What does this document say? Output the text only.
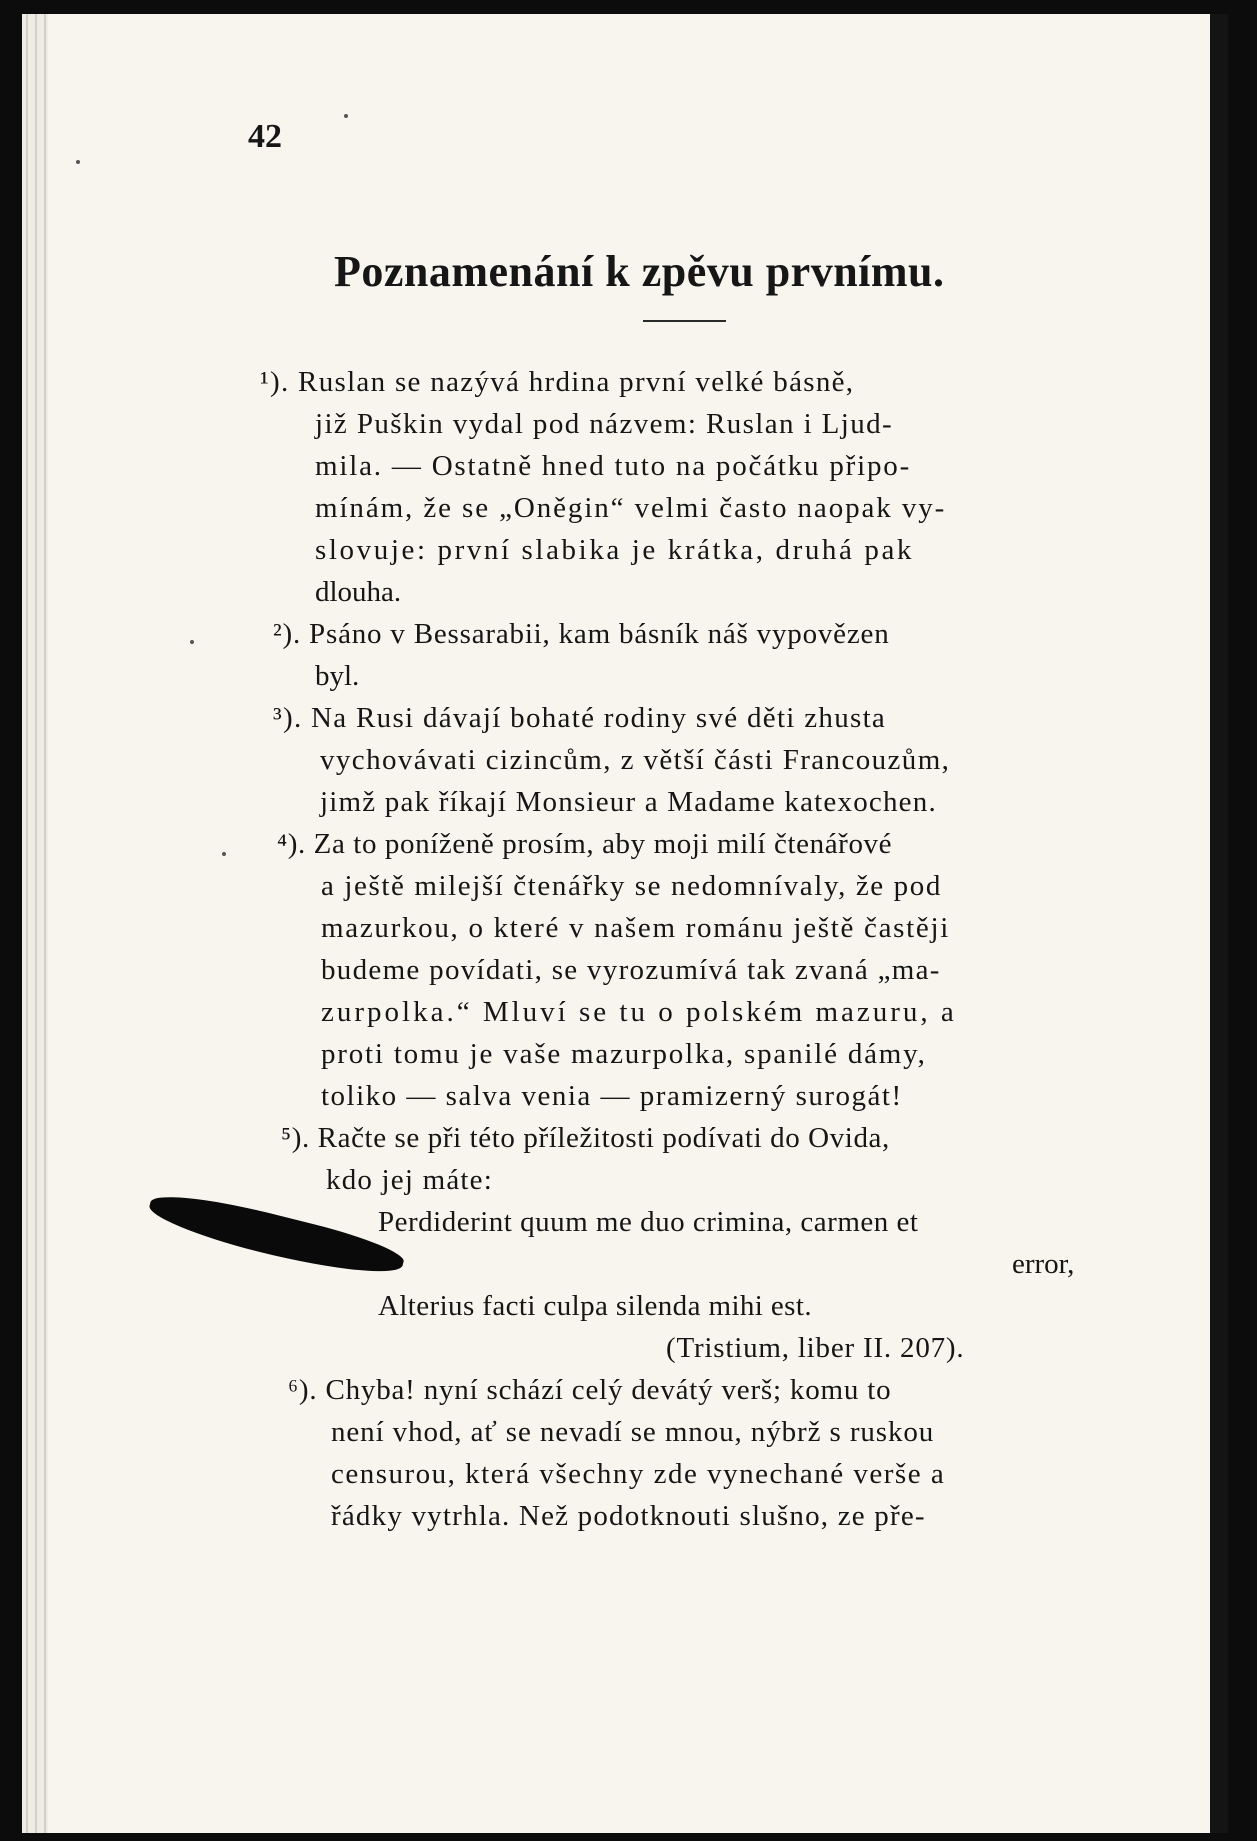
42
Poznamenání k zpěvu prvnímu.
¹). Ruslan se nazývá hrdina první velké básně,
již Puškin vydal pod názvem: Ruslan i Ljud-
mila. — Ostatně hned tuto na počátku připo-
mínám, že se „Oněgin“ velmi často naopak vy-
slovuje: první slabika je krátka, druhá pak
dlouha.
²). Psáno v Bessarabii, kam básník náš vypovězen
byl.
³). Na Rusi dávají bohaté rodiny své děti zhusta
vychovávati cizincům, z větší části Francouzům,
jimž pak říkají Monsieur a Madame katexochen.
⁴). Za to poníženě prosím, aby moji milí čtenářové
a ještě milejší čtenářky se nedomnívaly, že pod
mazurkou, o které v našem románu ještě častěji
budeme povídati, se vyrozumívá tak zvaná „ma-
zurpolka.“ Mluví se tu o polském mazuru, a
proti tomu je vaše mazurpolka, spanilé dámy,
toliko — salva venia — pramizerný surogát!
⁵). Račte se při této příležitosti podívati do Ovida,
kdo jej máte:
Perdiderint quum me duo crimina, carmen et
error,
Alterius facti culpa silenda mihi est.
(Tristium, liber II. 207).
⁶). Chyba! nyní schází celý devátý verš; komu to
není vhod, ať se nevadí se mnou, nýbrž s ruskou
censurou, která všechny zde vynechané verše a
řádky vytrhla. Než podotknouti slušno, ze pře-
